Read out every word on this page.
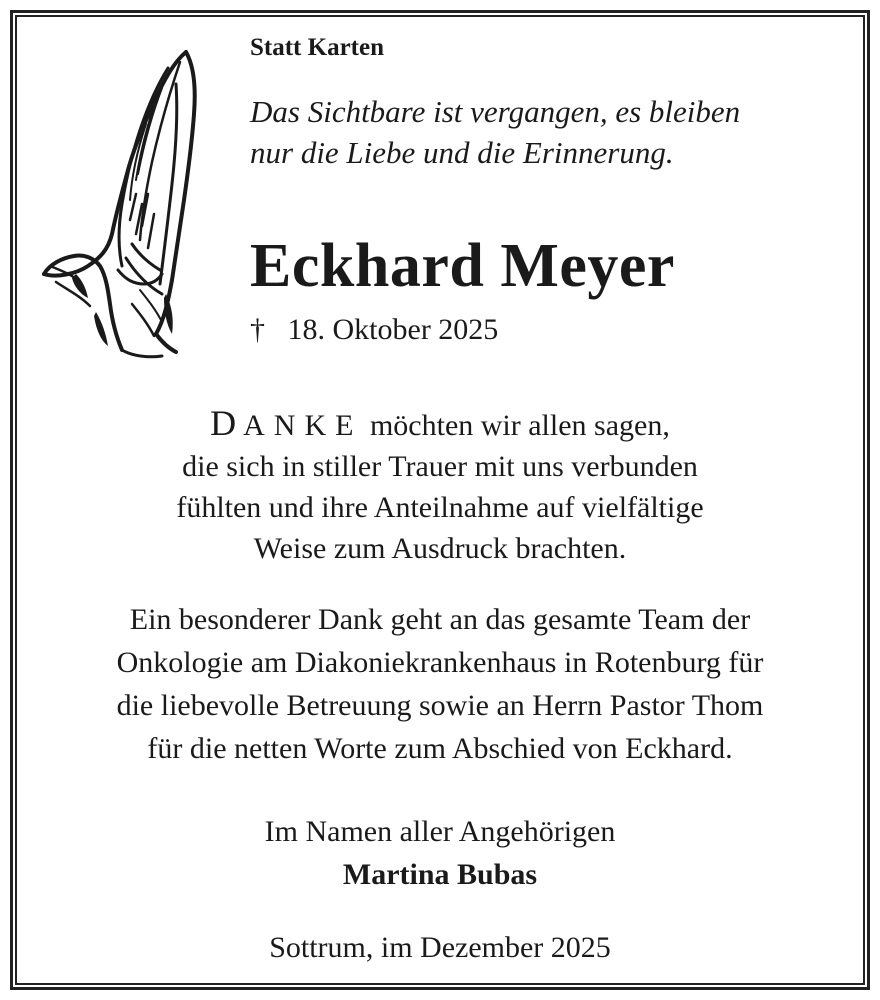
Statt Karten
Das Sichtbare ist vergangen, es bleiben
nur die Liebe und die Erinnerung.
Eckhard Meyer
† 18. Oktober 2025
DANKE möchten wir allen sagen,
die sich in stiller Trauer mit uns verbunden
fühlten und ihre Anteilnahme auf vielfältige
Weise zum Ausdruck brachten.
Ein besonderer Dank geht an das gesamte Team der
Onkologie am Diakoniekrankenhaus in Rotenburg für
die liebevolle Betreuung sowie an Herrn Pastor Thom
für die netten Worte zum Abschied von Eckhard.
Im Namen aller Angehörigen
Martina Bubas
Sottrum, im Dezember 2025
